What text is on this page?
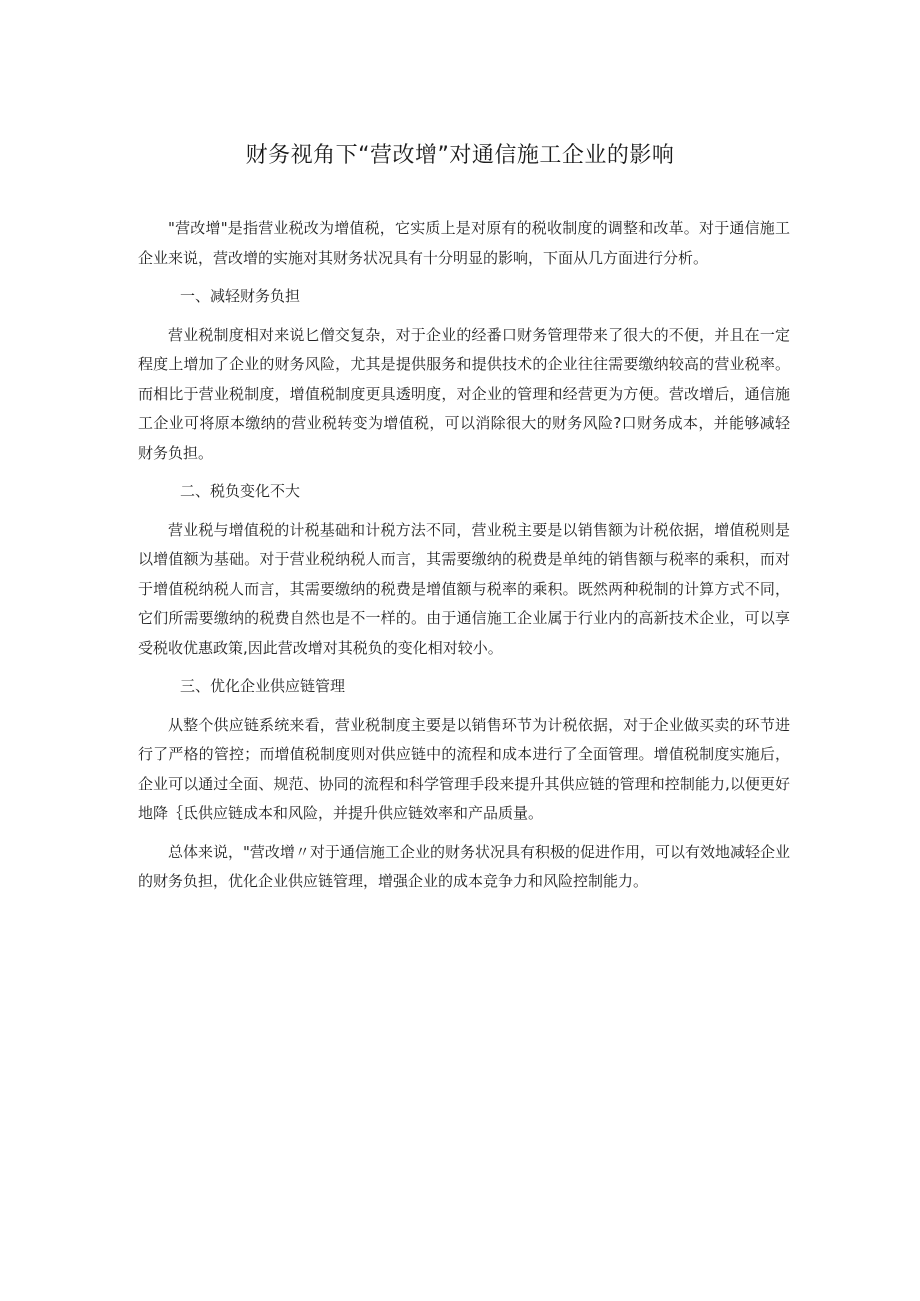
财务视角下“营改增”对通信施工企业的影响

"营改增"是指营业税改为增值税，它实质上是对原有的税收制度的调整和改革。对于通信施工企业来说，营改增的实施对其财务状况具有十分明显的影响，下面从几方面进行分析。

一、减轻财务负担

营业税制度相对来说匕僧交复杂，对于企业的经番口财务管理带来了很大的不便，并且在一定程度上增加了企业的财务风险，尤其是提供服务和提供技术的企业往往需要缴纳较高的营业税率。而相比于营业税制度，增值税制度更具透明度，对企业的管理和经营更为方便。营改增后，通信施工企业可将原本缴纳的营业税转变为增值税，可以消除很大的财务风险?口财务成本，并能够减轻财务负担。

二、税负变化不大

营业税与增值税的计税基础和计税方法不同，营业税主要是以销售额为计税依据，增值税则是以增值额为基础。对于营业税纳税人而言，其需要缴纳的税费是单纯的销售额与税率的乘积，而对于增值税纳税人而言，其需要缴纳的税费是增值额与税率的乘积。既然两种税制的计算方式不同，它们所需要缴纳的税费自然也是不一样的。由于通信施工企业属于行业内的高新技术企业，可以享受税收优惠政策,因此营改增对其税负的变化相对较小。

三、优化企业供应链管理

从整个供应链系统来看，营业税制度主要是以销售环节为计税依据，对于企业做买卖的环节进行了严格的管控；而增值税制度则对供应链中的流程和成本进行了全面管理。增值税制度实施后，企业可以通过全面、规范、协同的流程和科学管理手段来提升其供应链的管理和控制能力,以便更好地降｛氐供应链成本和风险，并提升供应链效率和产品质量。

总体来说，"营改增〃对于通信施工企业的财务状况具有积极的促进作用，可以有效地减轻企业的财务负担，优化企业供应链管理，增强企业的成本竞争力和风险控制能力。
